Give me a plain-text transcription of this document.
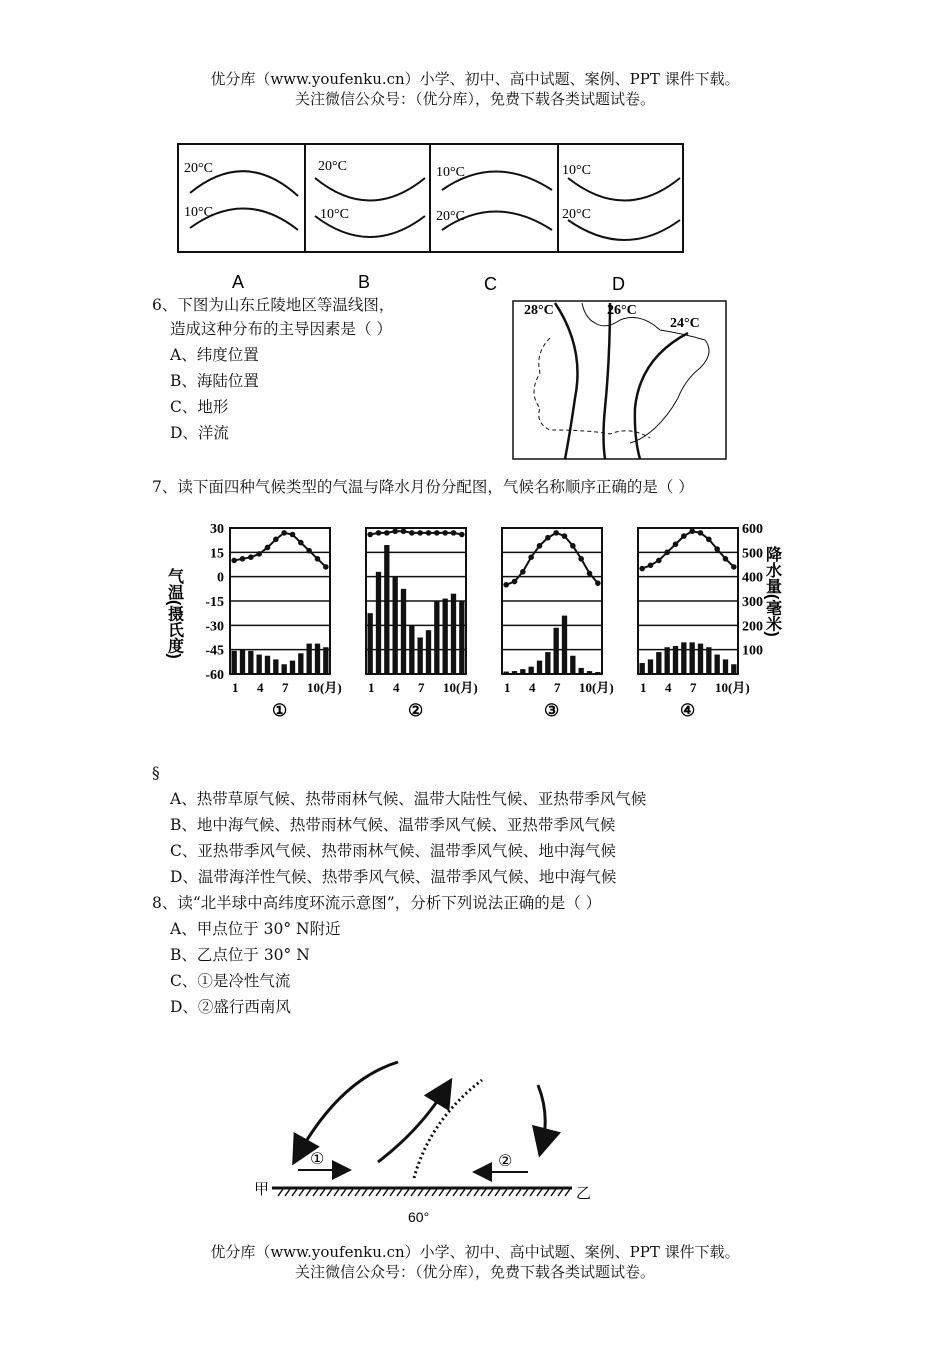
优分库（www.youfenku.cn）小学、初中、高中试题、案例、PPT 课件下载。
关注微信公众号：（优分库），免费下载各类试题试卷。
20°C
10°C
A
20°C
10°C
B
10°C
20°C
C
10°C
20°C
D
6、下图为山东丘陵地区等温线图，
造成这种分布的主导因素是（ ）
A、纬度位置
B、海陆位置
C、地形
D、洋流
28°C	26°C
24°C
7、读下面四种气候类型的气温与降水月份分配图，气候名称顺序正确的是（ ）
30
15
0
-15
-30
-45
-60
600
500
400
300
200
100
1 4 7 10(月)
①
1 4 7 10(月)
②
1 4 7 10(月)
③
1 4 7 10(月)
④
气温(摄氏度)	降水量(毫米)
§
A、热带草原气候、热带雨林气候、温带大陆性气候、亚热带季风气候
B、地中海气候、热带雨林气候、温带季风气候、亚热带季风气候
C、亚热带季风气候、热带雨林气候、温带季风气候、地中海气候
D、温带海洋性气候、热带季风气候、温带季风气候、地中海气候
8、读“北半球中高纬度环流示意图”，分析下列说法正确的是（ ）
A、甲点位于 30° N附近
B、乙点位于 30° N
C、①是冷性气流
D、②盛行西南风
①	②
甲	乙
60°
优分库（www.youfenku.cn）小学、初中、高中试题、案例、PPT 课件下载。
关注微信公众号：（优分库），免费下载各类试题试卷。
